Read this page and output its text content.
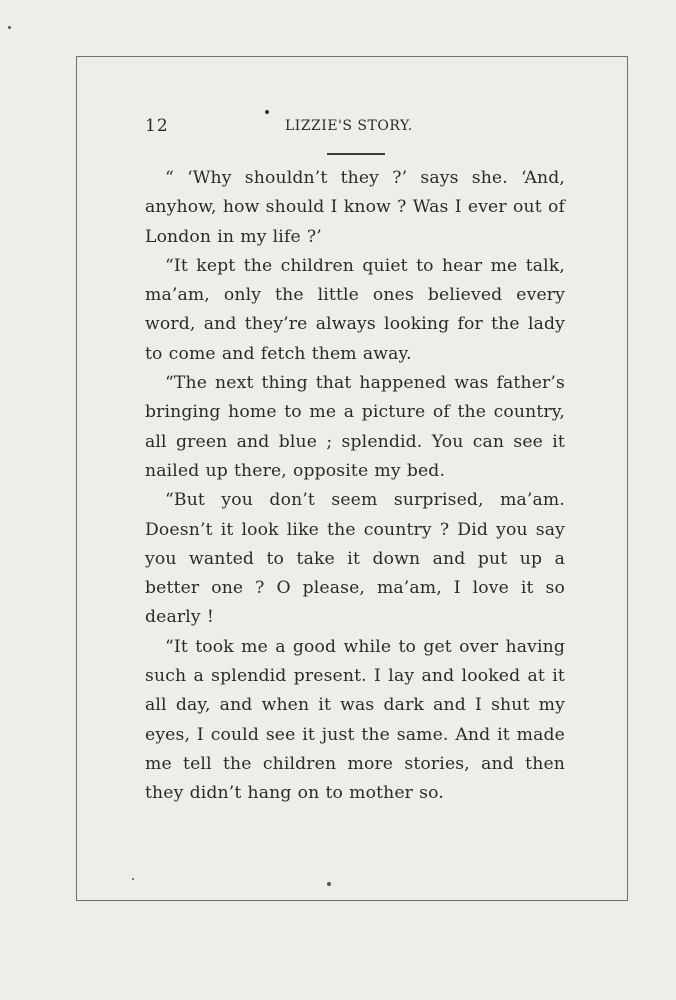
12	LIZZIE'S STORY.

“ ‘Why shouldn’t they ?’ says she. ‘And, anyhow, how should I know ? Was I ever out of London in my life ?’

“It kept the children quiet to hear me talk, ma’am, only the little ones believed every word, and they’re always looking for the lady to come and fetch them away.

“The next thing that happened was father’s bringing home to me a picture of the country, all green and blue ; splendid. You can see it nailed up there, opposite my bed.

“But you don’t seem surprised, ma’am. Doesn’t it look like the country ? Did you say you wanted to take it down and put up a better one ? O please, ma’am, I love it so dearly !

“It took me a good while to get over having such a splendid present. I lay and looked at it all day, and when it was dark and I shut my eyes, I could see it just the same. And it made me tell the children more stories, and then they didn’t hang on to mother so.
